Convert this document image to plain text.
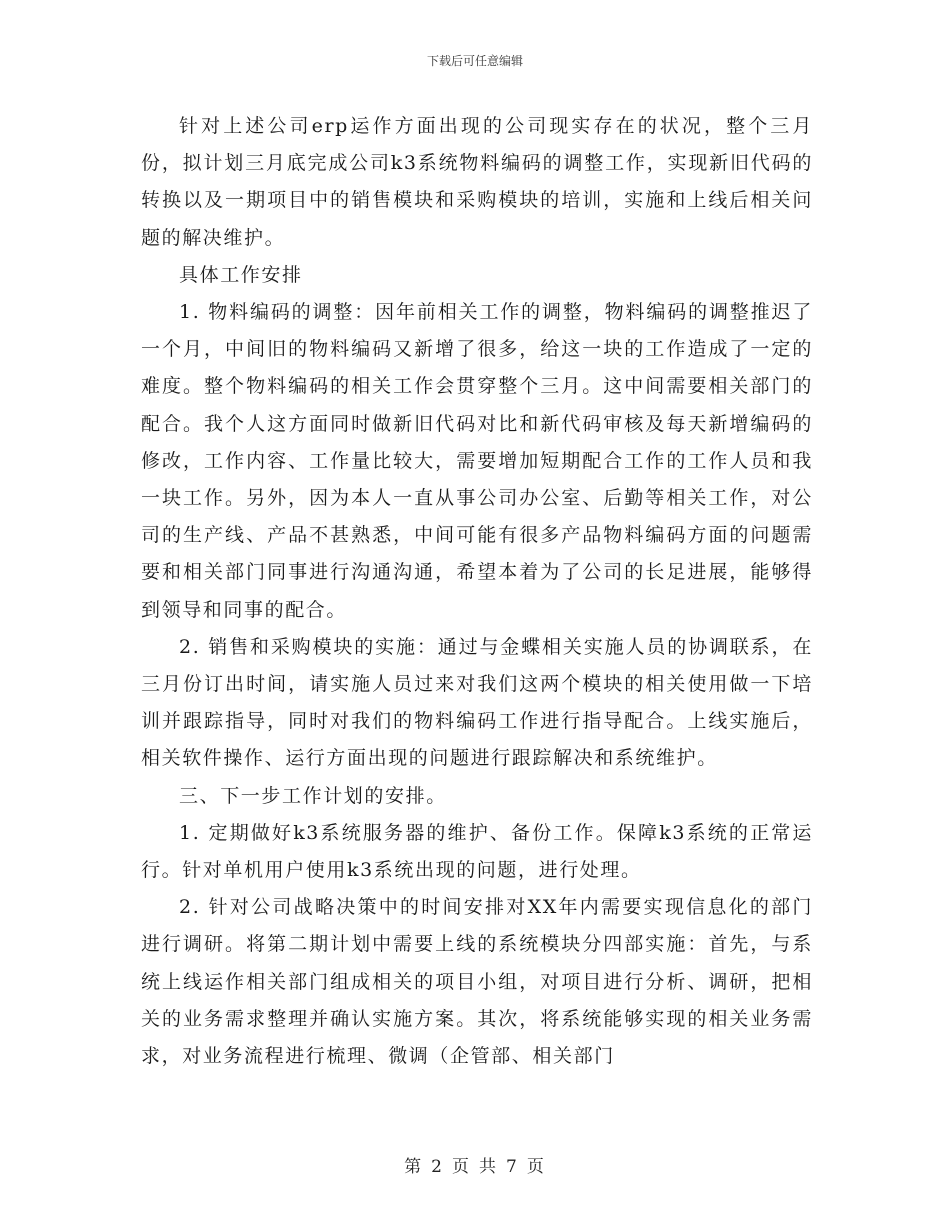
下载后可任意编辑

针对上述公司erp运作方面出现的公司现实存在的状况，整个三月份，拟计划三月底完成公司k3系统物料编码的调整工作，实现新旧代码的转换以及一期项目中的销售模块和采购模块的培训，实施和上线后相关问题的解决维护。

具体工作安排

1. 物料编码的调整：因年前相关工作的调整，物料编码的调整推迟了一个月，中间旧的物料编码又新增了很多，给这一块的工作造成了一定的难度。整个物料编码的相关工作会贯穿整个三月。这中间需要相关部门的配合。我个人这方面同时做新旧代码对比和新代码审核及每天新增编码的修改，工作内容、工作量比较大，需要增加短期配合工作的工作人员和我一块工作。另外，因为本人一直从事公司办公室、后勤等相关工作，对公司的生产线、产品不甚熟悉，中间可能有很多产品物料编码方面的问题需要和相关部门同事进行沟通沟通，希望本着为了公司的长足进展，能够得到领导和同事的配合。

2. 销售和采购模块的实施：通过与金蝶相关实施人员的协调联系，在三月份订出时间，请实施人员过来对我们这两个模块的相关使用做一下培训并跟踪指导，同时对我们的物料编码工作进行指导配合。上线实施后，相关软件操作、运行方面出现的问题进行跟踪解决和系统维护。

三、下一步工作计划的安排。

1. 定期做好k3系统服务器的维护、备份工作。保障k3系统的正常运行。针对单机用户使用k3系统出现的问题，进行处理。

2. 针对公司战略决策中的时间安排对XX年内需要实现信息化的部门进行调研。将第二期计划中需要上线的系统模块分四部实施：首先，与系统上线运作相关部门组成相关的项目小组，对项目进行分析、调研，把相关的业务需求整理并确认实施方案。其次，将系统能够实现的相关业务需求，对业务流程进行梳理、微调（企管部、相关部门

第 2 页 共 7 页
